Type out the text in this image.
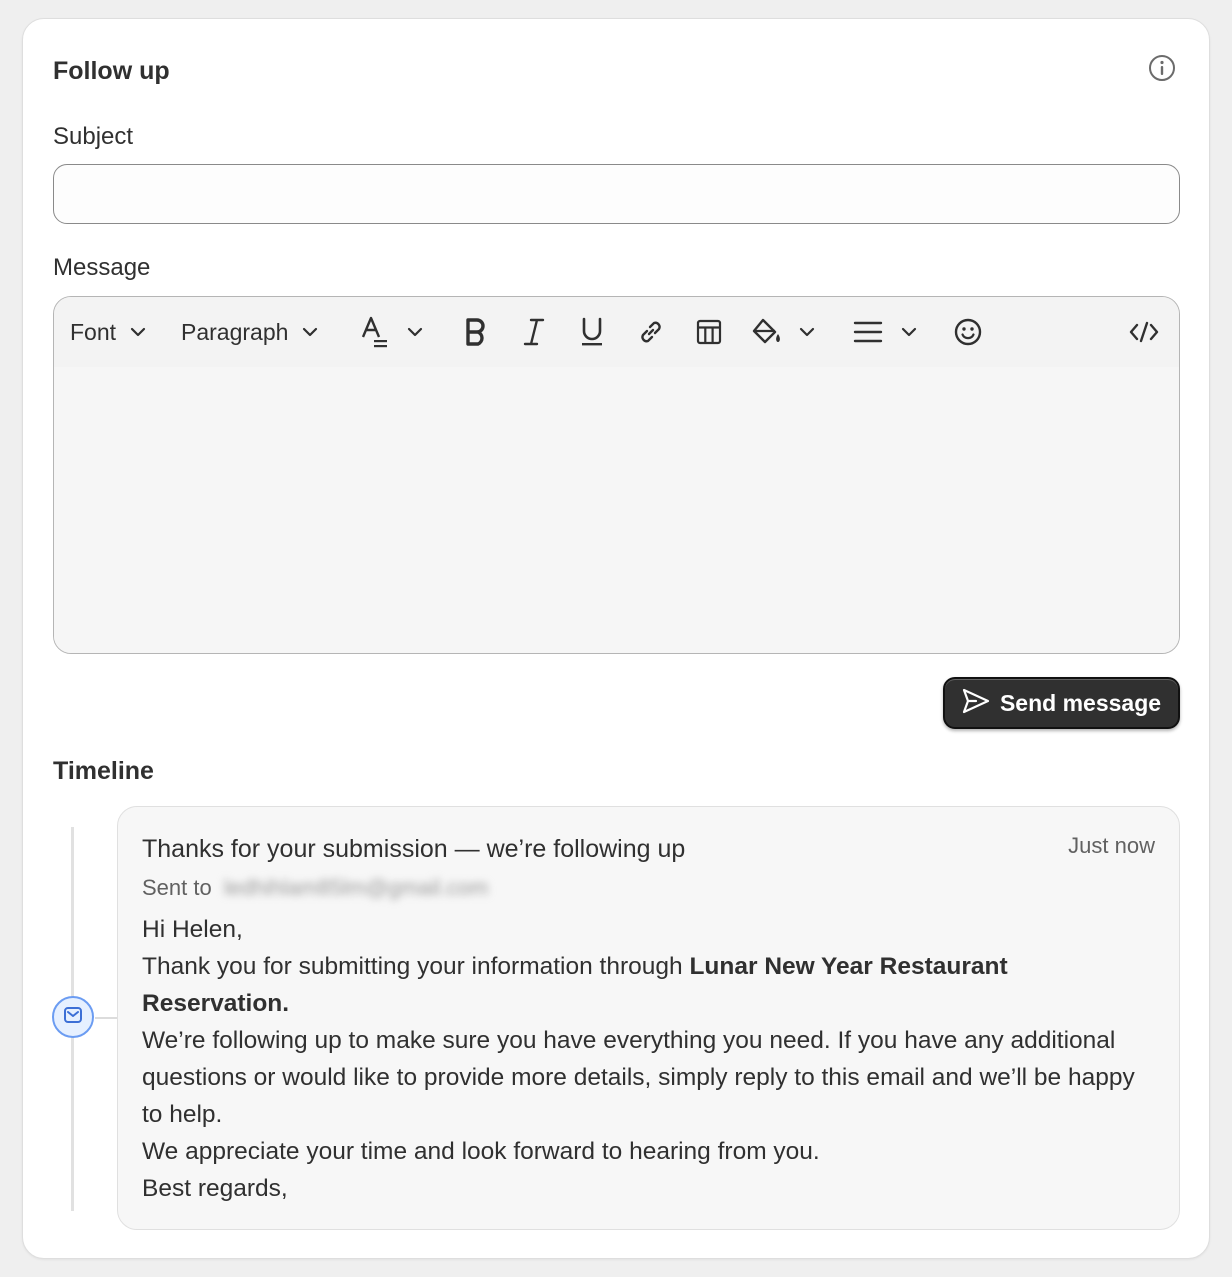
Follow up
Subject
Message
Font	Paragraph
Send message
Timeline
Thanks for your submission — we’re following up	Just now
Sent to ledhihlam85lm@gmail.com

Hi Helen,

Thank you for submitting your information through Lunar New Year Restaurant Reservation.

We’re following up to make sure you have everything you need. If you have any additional questions or would like to provide more details, simply reply to this email and we’ll be happy to help.

We appreciate your time and look forward to hearing from you.

Best regards,
